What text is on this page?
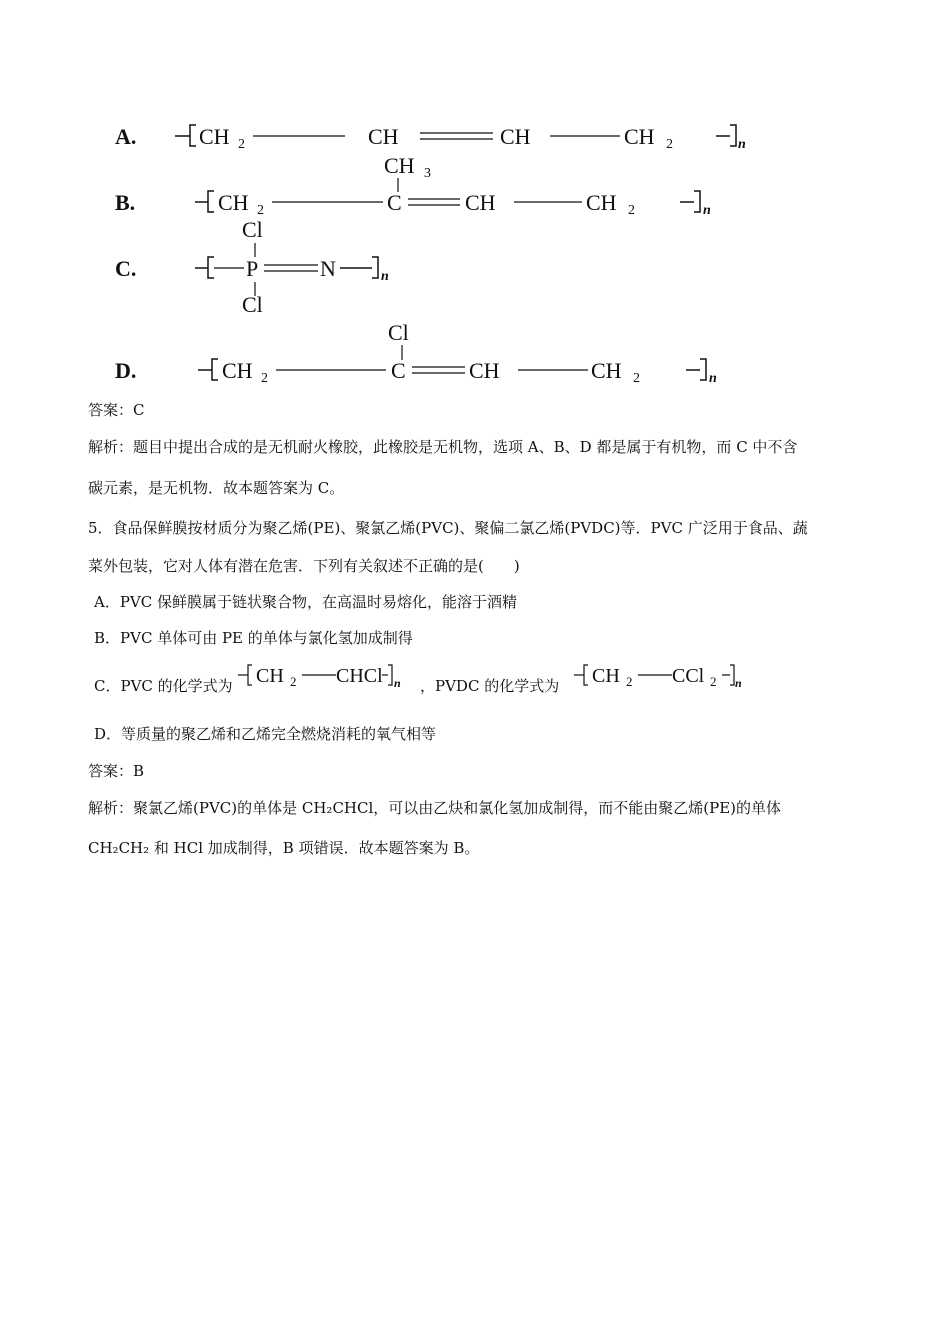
A.	CH 2	CH	CH	CH 2	n
CH 3
B.	CH 2	C	CH	CH 2	n
Cl
C.	P	N	n
Cl
Cl
D.	CH 2	C	CH	CH 2	n
答案：C
解析：题目中提出合成的是无机耐火橡胶，此橡胶是无机物，选项 A、B、D 都是属于有机物，而 C 中不含
碳元素，是无机物．故本题答案为 C。
5．食品保鲜膜按材质分为聚乙烯(PE)、聚氯乙烯(PVC)、聚偏二氯乙烯(PVDC)等．PVC 广泛用于食品、蔬
菜外包装，它对人体有潜在危害．下列有关叙述不正确的是(　　)
A．PVC 保鲜膜属于链状聚合物，在高温时易熔化，能溶于酒精
B．PVC 单体可由 PE 的单体与氯化氢加成制得
C．PVC 的化学式为 CH 2 CHCl n ，PVDC 的化学式为 CH 2 CCl 2 n
D．等质量的聚乙烯和乙烯完全燃烧消耗的氧气相等
答案：B
解析：聚氯乙烯(PVC)的单体是 CH₂CHCl，可以由乙炔和氯化氢加成制得，而不能由聚乙烯(PE)的单体
CH₂CH₂ 和 HCl 加成制得，B 项错误．故本题答案为 B。
